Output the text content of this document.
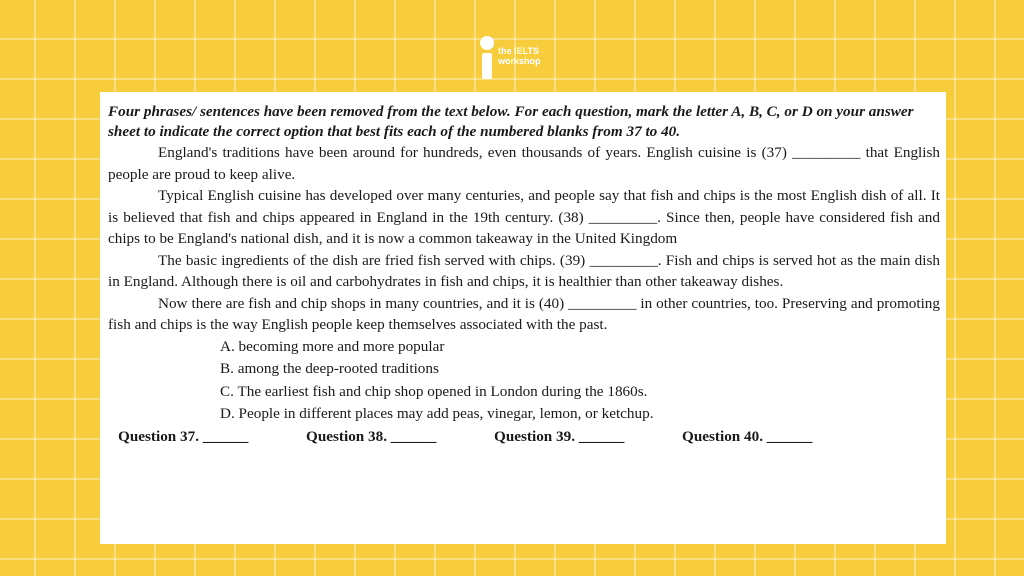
the IELTS
workshop

Four phrases/ sentences have been removed from the text below. For each question, mark the letter A, B, C, or D on your answer sheet to indicate the correct option that best fits each of the numbered blanks from 37 to 40.

England's traditions have been around for hundreds, even thousands of years. English cuisine is (37) _________ that English people are proud to keep alive.

Typical English cuisine has developed over many centuries, and people say that fish and chips is the most English dish of all. It is believed that fish and chips appeared in England in the 19th century. (38) _________. Since then, people have considered fish and chips to be England's national dish, and it is now a common takeaway in the United Kingdom

The basic ingredients of the dish are fried fish served with chips. (39) _________. Fish and chips is served hot as the main dish in England. Although there is oil and carbohydrates in fish and chips, it is healthier than other takeaway dishes.

Now there are fish and chip shops in many countries, and it is (40) _________ in other countries, too. Preserving and promoting fish and chips is the way English people keep themselves associated with the past.

A. becoming more and more popular
B. among the deep-rooted traditions
C. The earliest fish and chip shop opened in London during the 1860s.
D. People in different places may add peas, vinegar, lemon, or ketchup.
Question 37. ______	Question 38. ______	Question 39. ______	Question 40. ______
